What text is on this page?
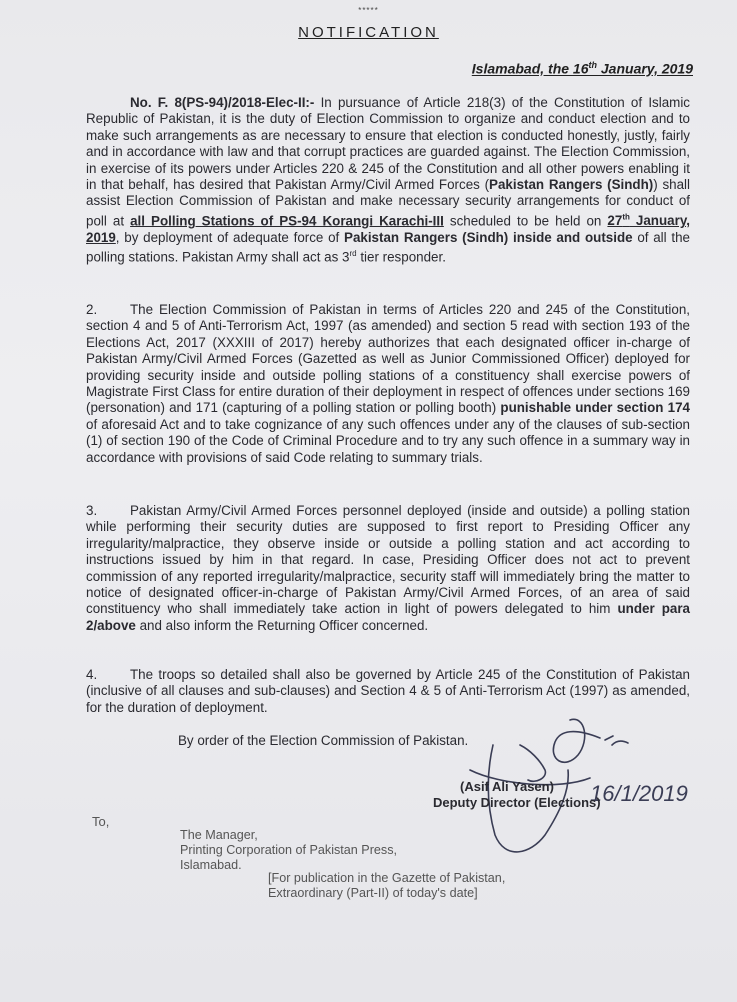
*****
NOTIFICATION
Islamabad, the 16th January, 2019
No. F. 8(PS-94)/2018-Elec-II:- In pursuance of Article 218(3) of the Constitution of Islamic Republic of Pakistan, it is the duty of Election Commission to organize and conduct election and to make such arrangements as are necessary to ensure that election is conducted honestly, justly, fairly and in accordance with law and that corrupt practices are guarded against. The Election Commission, in exercise of its powers under Articles 220 & 245 of the Constitution and all other powers enabling it in that behalf, has desired that Pakistan Army/Civil Armed Forces (Pakistan Rangers (Sindh)) shall assist Election Commission of Pakistan and make necessary security arrangements for conduct of poll at all Polling Stations of PS-94 Korangi Karachi-III scheduled to be held on 27th January, 2019, by deployment of adequate force of Pakistan Rangers (Sindh) inside and outside of all the polling stations. Pakistan Army shall act as 3rd tier responder.
2. The Election Commission of Pakistan in terms of Articles 220 and 245 of the Constitution, section 4 and 5 of Anti-Terrorism Act, 1997 (as amended) and section 5 read with section 193 of the Elections Act, 2017 (XXXIII of 2017) hereby authorizes that each designated officer in-charge of Pakistan Army/Civil Armed Forces (Gazetted as well as Junior Commissioned Officer) deployed for providing security inside and outside polling stations of a constituency shall exercise powers of Magistrate First Class for entire duration of their deployment in respect of offences under sections 169 (personation) and 171 (capturing of a polling station or polling booth) punishable under section 174 of aforesaid Act and to take cognizance of any such offences under any of the clauses of sub-section (1) of section 190 of the Code of Criminal Procedure and to try any such offence in a summary way in accordance with provisions of said Code relating to summary trials.
3. Pakistan Army/Civil Armed Forces personnel deployed (inside and outside) a polling station while performing their security duties are supposed to first report to Presiding Officer any irregularity/malpractice, they observe inside or outside a polling station and act according to instructions issued by him in that regard. In case, Presiding Officer does not act to prevent commission of any reported irregularity/malpractice, security staff will immediately bring the matter to notice of designated officer-in-charge of Pakistan Army/Civil Armed Forces, of an area of said constituency who shall immediately take action in light of powers delegated to him under para 2/above and also inform the Returning Officer concerned.
4. The troops so detailed shall also be governed by Article 245 of the Constitution of Pakistan (inclusive of all clauses and sub-clauses) and Section 4 & 5 of Anti-Terrorism Act (1997) as amended, for the duration of deployment.
By order of the Election Commission of Pakistan.
16/1/2019
(Asif Ali Yasen)
Deputy Director (Elections)
To,
The Manager,
Printing Corporation of Pakistan Press,
Islamabad.
[For publication in the Gazette of Pakistan,
Extraordinary (Part-II) of today's date]
